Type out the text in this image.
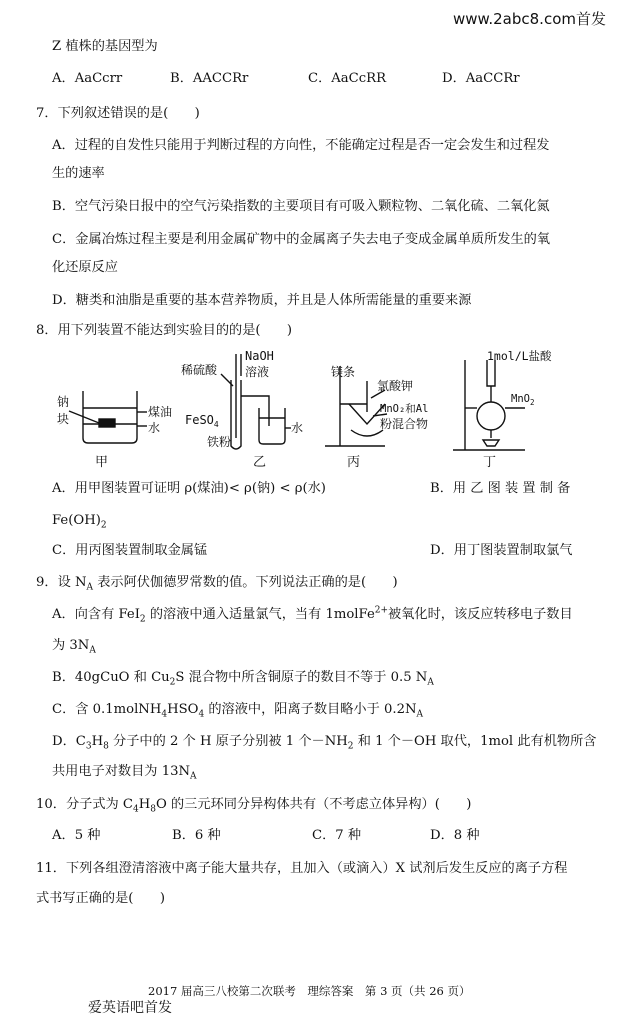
www.2abc8.com首发
Z 植株的基因型为
A．AaCcrr	B．AACCRr	C．AaCcRR	D．AaCCRr
7．下列叙述错误的是(　　)
A．过程的自发性只能用于判断过程的方向性，不能确定过程是否一定会发生和过程发
生的速率
B．空气污染日报中的空气污染指数的主要项目有可吸入颗粒物、二氧化硫、二氧化氮
C．金属冶炼过程主要是利用金属矿物中的金属离子失去电子变成金属单质所发生的氧
化还原反应
D．糖类和油脂是重要的基本营养物质，并且是人体所需能量的重要来源
8．用下列装置不能达到实验目的的是(　　)
钠
块	煤油
水
甲
稀硫酸
NaOH
溶液
FeSO$_4$
铁粉
水
乙
镁条
氯酸钾
MnO₂和Al
粉混合物
丙
1mol/L盐酸
MnO$_2$
丁
A．用甲图装置可证明 ρ(煤油)< ρ(钠) < ρ(水)	B．用 乙 图 装 置 制 备
$Fe(OH)_2$
C．用丙图装置制取金属锰	D．用丁图装置制取氯气
9．设 $N_A$ 表示阿伏伽德罗常数的值。下列说法正确的是(　　)
A．向含有 FeI$_2$ 的溶液中通入适量氯气，当有 1molFe$^{2+}$被氧化时，该反应转移电子数目
为 $3N_A$
B．40gCuO 和 $Cu_2S$ 混合物中所含铜原子的数目不等于 0.5 $N_A$
C．含 $0.1molNH_4HSO_4$ 的溶液中，阳离子数目略小于 $0.2N_A$
D．$C_3H_8$ 分子中的 2 个 H 原子分别被 1 个$-NH_2$ 和 1 个－OH 取代，1mol 此有机物所含
共用电子对数目为 $13N_A$
10．分子式为 $C_4H_8O$ 的三元环同分异构体共有（不考虑立体异构）(　　)
A．5 种	B．6 种	C．7 种	D．8 种
11．下列各组澄清溶液中离子能大量共存，且加入（或滴入）X 试剂后发生反应的离子方程
式书写正确的是(　　)
2017 届高三八校第二次联考　理综答案　第 3 页（共 26 页）
爱英语吧首发
